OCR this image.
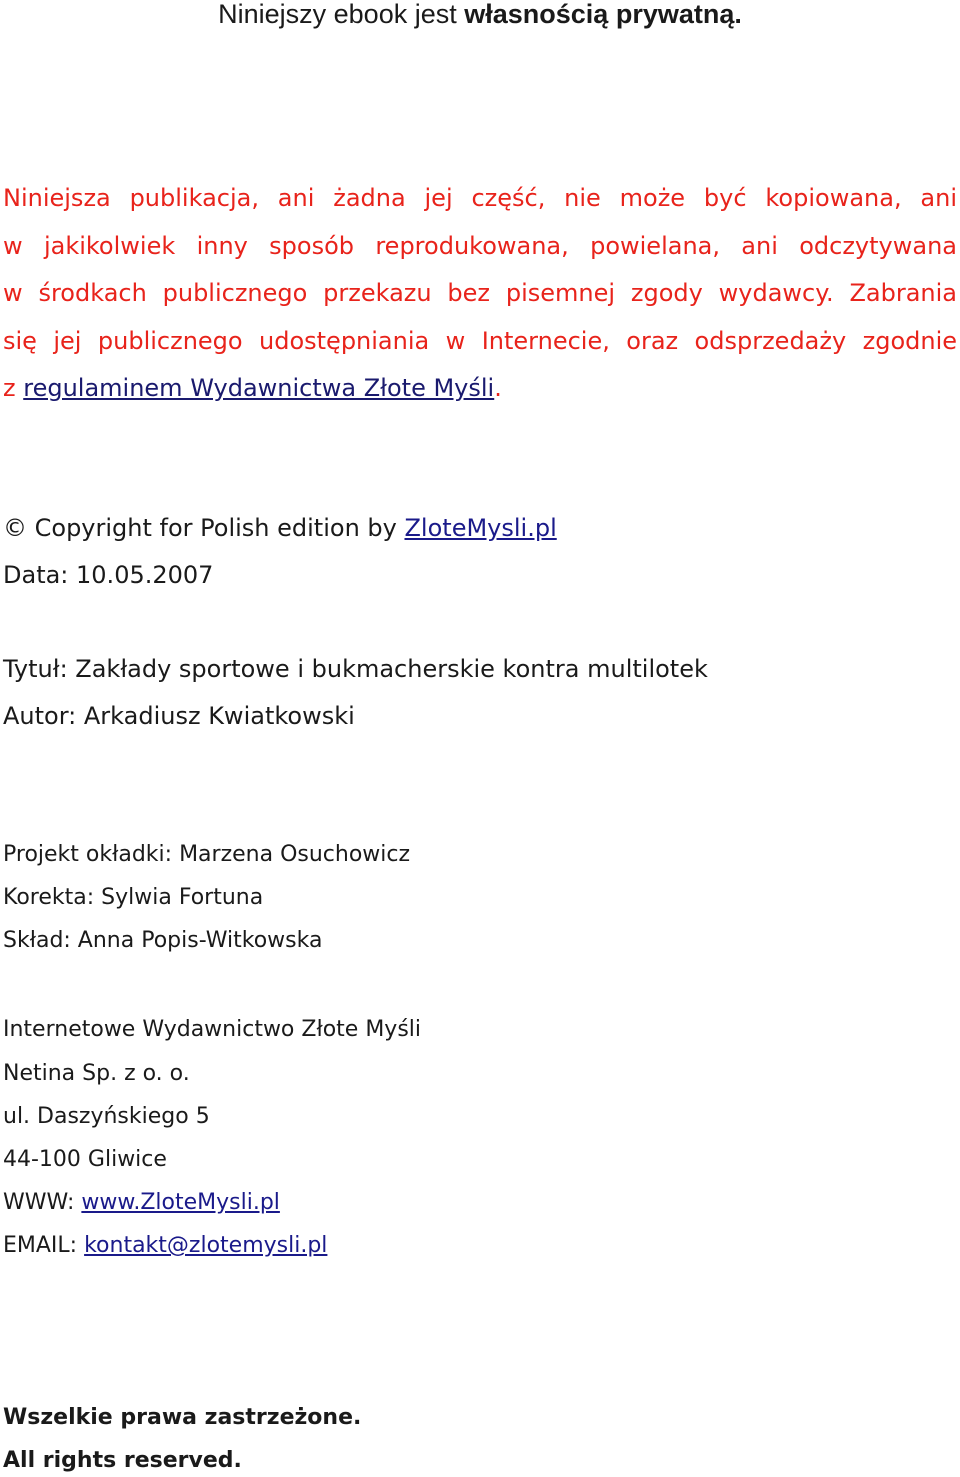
Niniejszy ebook jest własnością prywatną.
Niniejsza publikacja, ani żadna jej część, nie może być kopiowana, ani
w jakikolwiek inny sposób reprodukowana, powielana, ani odczytywana
w środkach publicznego przekazu bez pisemnej zgody wydawcy. Zabrania
się jej publicznego udostępniania w Internecie, oraz odsprzedaży zgodnie
z regulaminem Wydawnictwa Złote Myśli.
© Copyright for Polish edition by ZloteMysli.pl
Data: 10.05.2007
Tytuł: Zakłady sportowe i bukmacherskie kontra multilotek
Autor: Arkadiusz Kwiatkowski
Projekt okładki: Marzena Osuchowicz
Korekta: Sylwia Fortuna
Skład: Anna Popis-Witkowska
Internetowe Wydawnictwo Złote Myśli
Netina Sp. z o. o.
ul. Daszyńskiego 5
44-100 Gliwice
WWW: www.ZloteMysli.pl
EMAIL: kontakt@zlotemysli.pl
Wszelkie prawa zastrzeżone.
All rights reserved.
